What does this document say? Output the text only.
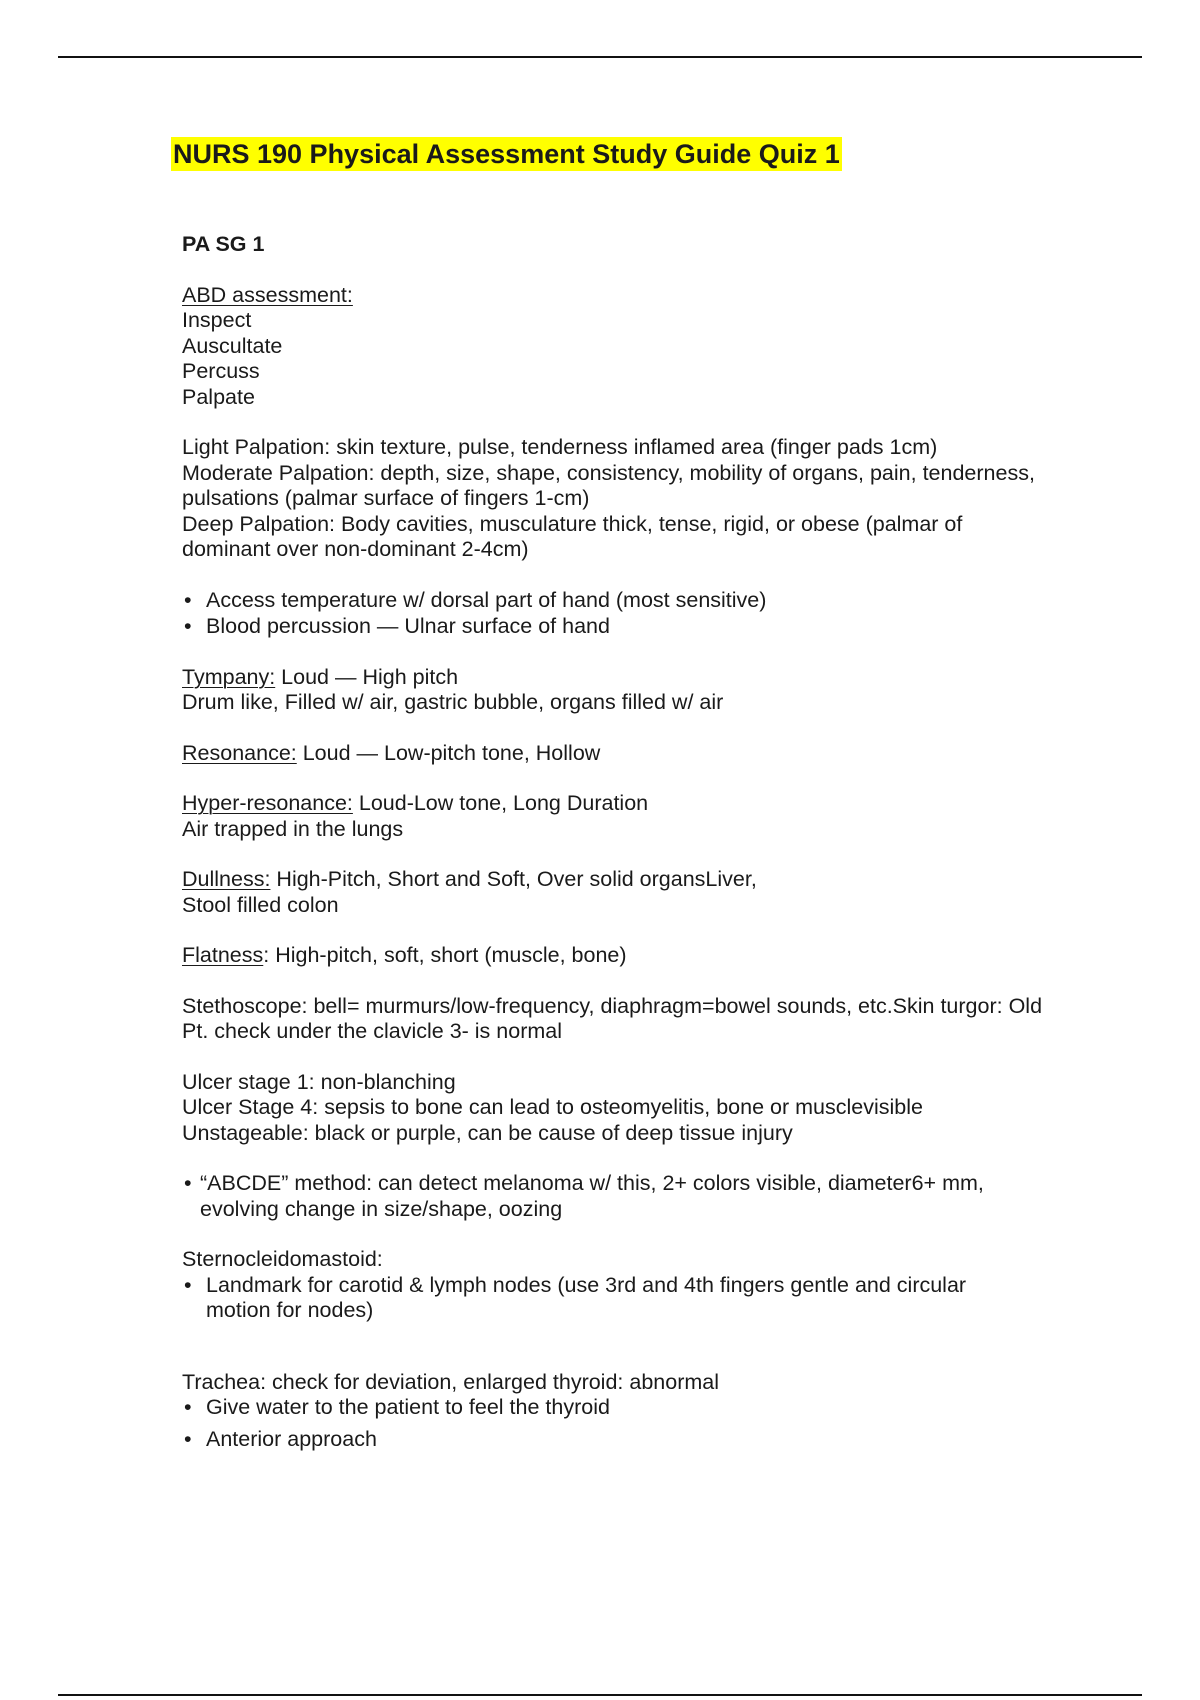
NURS 190 Physical Assessment Study Guide Quiz 1

PA SG 1

ABD assessment:

Inspect

Auscultate

Percuss

Palpate

Light Palpation: skin texture, pulse, tenderness inflamed area (finger pads 1cm)

Moderate Palpation: depth, size, shape, consistency, mobility of organs, pain, tenderness, pulsations (palmar surface of fingers 1-cm)

Deep Palpation: Body cavities, musculature thick, tense, rigid, or obese (palmar of dominant over non-dominant 2-4cm)

• Access temperature w/ dorsal part of hand (most sensitive)
• Blood percussion — Ulnar surface of hand

Tympany: Loud — High pitch

Drum like, Filled w/ air, gastric bubble, organs filled w/ air

Resonance: Loud — Low-pitch tone, Hollow

Hyper-resonance: Loud-Low tone, Long Duration

Air trapped in the lungs

Dullness: High-Pitch, Short and Soft, Over solid organsLiver,

Stool filled colon

Flatness: High-pitch, soft, short (muscle, bone)

Stethoscope: bell= murmurs/low-frequency, diaphragm=bowel sounds, etc.Skin turgor: Old Pt. check under the clavicle 3- is normal

Ulcer stage 1: non-blanching

Ulcer Stage 4: sepsis to bone can lead to osteomyelitis, bone or musclevisible

Unstageable: black or purple, can be cause of deep tissue injury

• “ABCDE” method: can detect melanoma w/ this, 2+ colors visible, diameter6+ mm, evolving change in size/shape, oozing

Sternocleidomastoid:

• Landmark for carotid & lymph nodes (use 3rd and 4th fingers gentle and circular motion for nodes)

Trachea: check for deviation, enlarged thyroid: abnormal

• Give water to the patient to feel the thyroid
• Anterior approach
